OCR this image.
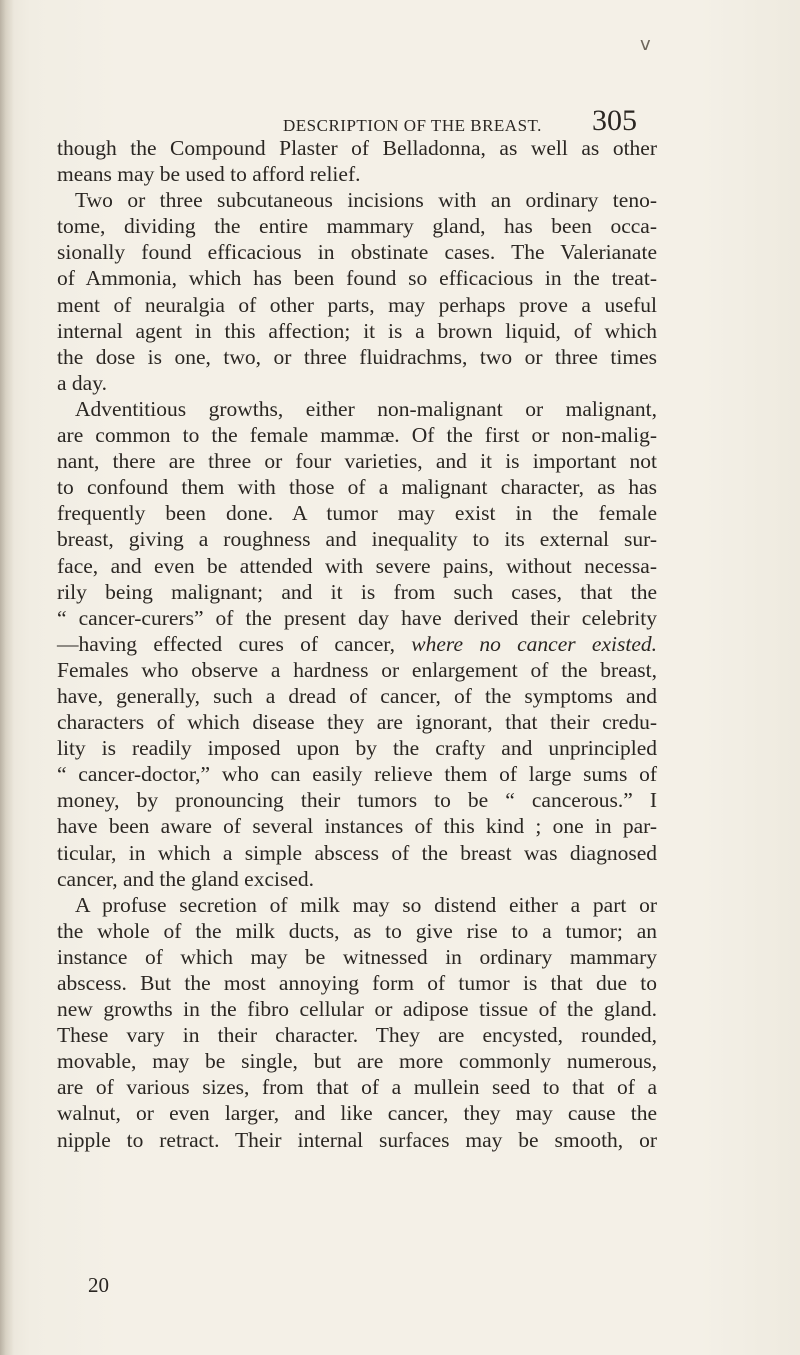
v
DESCRIPTION OF THE BREAST. 305
though the Compound Plaster of Belladonna, as well as other
means may be used to afford relief.
Two or three subcutaneous incisions with an ordinary teno-
tome, dividing the entire mammary gland, has been occa-
sionally found efficacious in obstinate cases. The Valerianate
of Ammonia, which has been found so efficacious in the treat-
ment of neuralgia of other parts, may perhaps prove a useful
internal agent in this affection; it is a brown liquid, of which
the dose is one, two, or three fluidrachms, two or three times
a day.
Adventitious growths, either non-malignant or malignant,
are common to the female mammæ. Of the first or non-malig-
nant, there are three or four varieties, and it is important not
to confound them with those of a malignant character, as has
frequently been done. A tumor may exist in the female
breast, giving a roughness and inequality to its external sur-
face, and even be attended with severe pains, without necessa-
rily being malignant; and it is from such cases, that the
“ cancer-curers” of the present day have derived their celebrity
—having effected cures of cancer, where no cancer existed.
Females who observe a hardness or enlargement of the breast,
have, generally, such a dread of cancer, of the symptoms and
characters of which disease they are ignorant, that their credu-
lity is readily imposed upon by the crafty and unprincipled
“ cancer-doctor,” who can easily relieve them of large sums of
money, by pronouncing their tumors to be “ cancerous.” I
have been aware of several instances of this kind ; one in par-
ticular, in which a simple abscess of the breast was diagnosed
cancer, and the gland excised.
A profuse secretion of milk may so distend either a part or
the whole of the milk ducts, as to give rise to a tumor; an
instance of which may be witnessed in ordinary mammary
abscess. But the most annoying form of tumor is that due to
new growths in the fibro cellular or adipose tissue of the gland.
These vary in their character. They are encysted, rounded,
movable, may be single, but are more commonly numerous,
are of various sizes, from that of a mullein seed to that of a
walnut, or even larger, and like cancer, they may cause the
nipple to retract. Their internal surfaces may be smooth, or
20
